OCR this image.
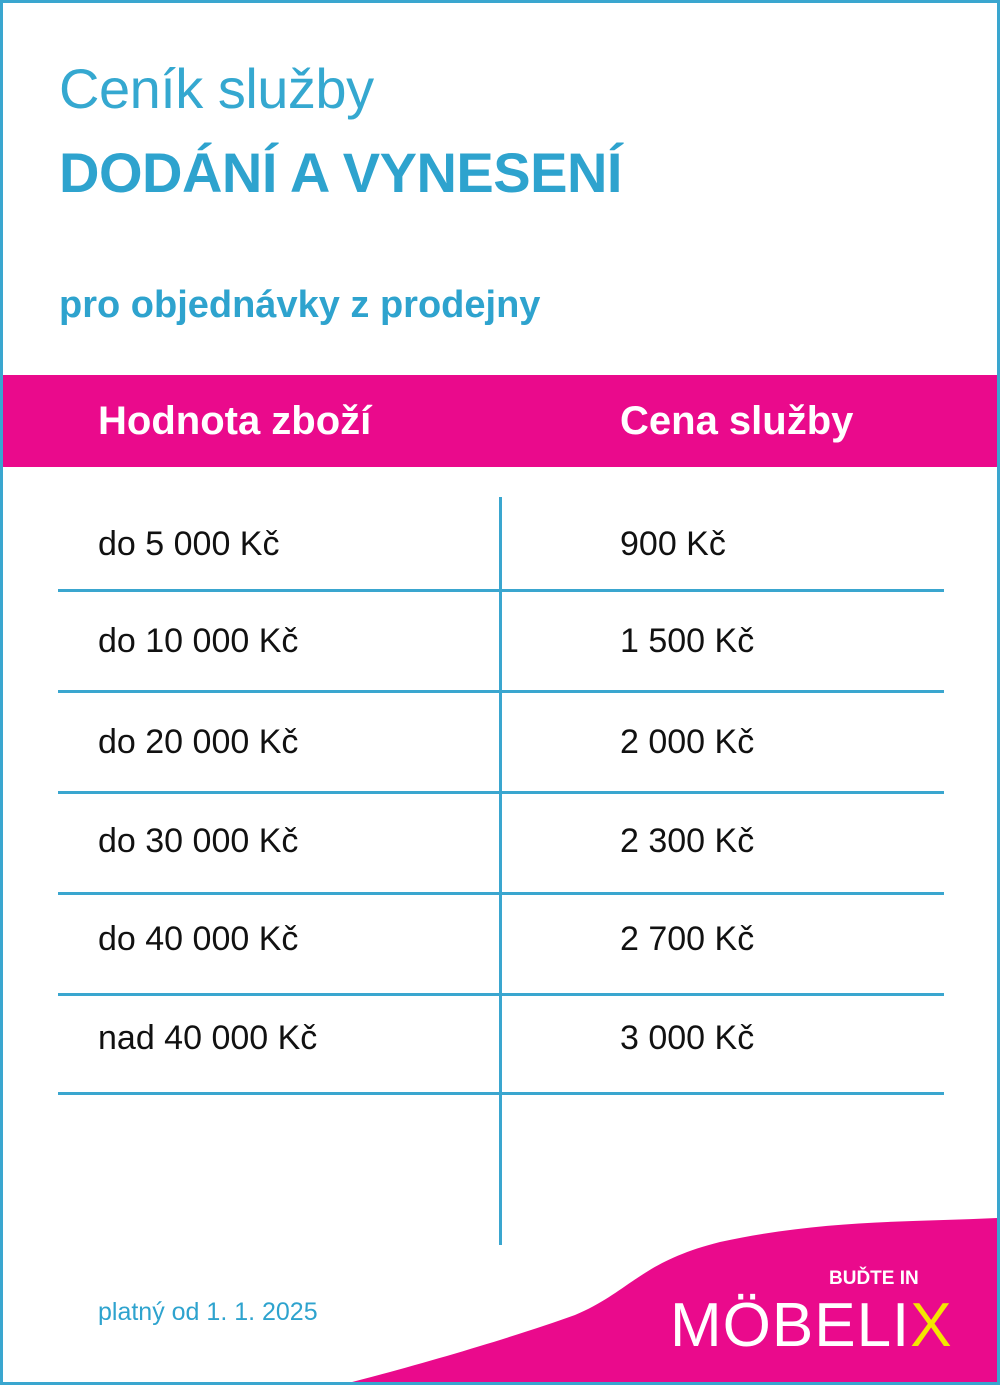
Ceník služby
DODÁNÍ A VYNESENÍ
pro objednávky z prodejny
Hodnota zboží	Cena služby
do 5 000 Kč	900 Kč
do 10 000 Kč	1 500 Kč
do 20 000 Kč	2 000 Kč
do 30 000 Kč	2 300 Kč
do 40 000 Kč	2 700 Kč
nad 40 000 Kč	3 000 Kč
platný od 1. 1. 2025
BUĎTE IN
MÖBELIX
